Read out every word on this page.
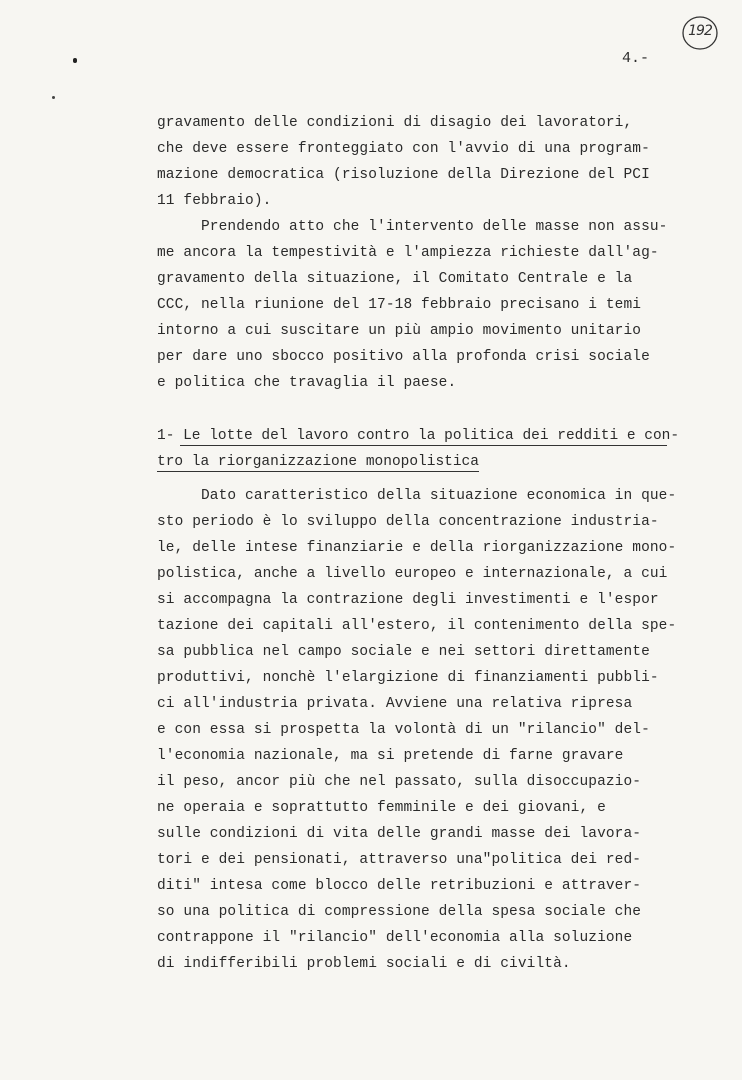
192
4.-
gravamento delle condizioni di disagio dei lavoratori,
che deve essere fronteggiato con l'avvio di una program-
mazione democratica (risoluzione della Direzione del PCI
11 febbraio).
Prendendo atto che l'intervento delle masse non assu-
me ancora la tempestività e l'ampiezza richieste dall'ag-
gravamento della situazione, il Comitato Centrale e la
CCC, nella riunione del 17-18 febbraio precisano i temi
intorno a cui suscitare un più ampio movimento unitario
per dare uno sbocco positivo alla profonda crisi sociale
e politica che travaglia il paese.
1- Le lotte del lavoro contro la politica dei redditi e con-
tro la riorganizzazione monopolistica
Dato caratteristico della situazione economica in que-
sto periodo è lo sviluppo della concentrazione industria-
le, delle intese finanziarie e della riorganizzazione mono-
polistica, anche a livello europeo e internazionale, a cui
si accompagna la contrazione degli investimenti e l'espor
tazione dei capitali all'estero, il contenimento della spe-
sa pubblica nel campo sociale e nei settori direttamente
produttivi, nonchè l'elargizione di finanziamenti pubbli-
ci all'industria privata. Avviene una relativa ripresa
e con essa si prospetta la volontà di un "rilancio" del-
l'economia nazionale, ma si pretende di farne gravare
il peso, ancor più che nel passato, sulla disoccupazio-
ne operaia e soprattutto femminile e dei giovani, e
sulle condizioni di vita delle grandi masse dei lavora-
tori e dei pensionati, attraverso una"politica dei red-
diti" intesa come blocco delle retribuzioni e attraver-
so una politica di compressione della spesa sociale che
contrappone il "rilancio" dell'economia alla soluzione
di indifferibili problemi sociali e di civiltà.
